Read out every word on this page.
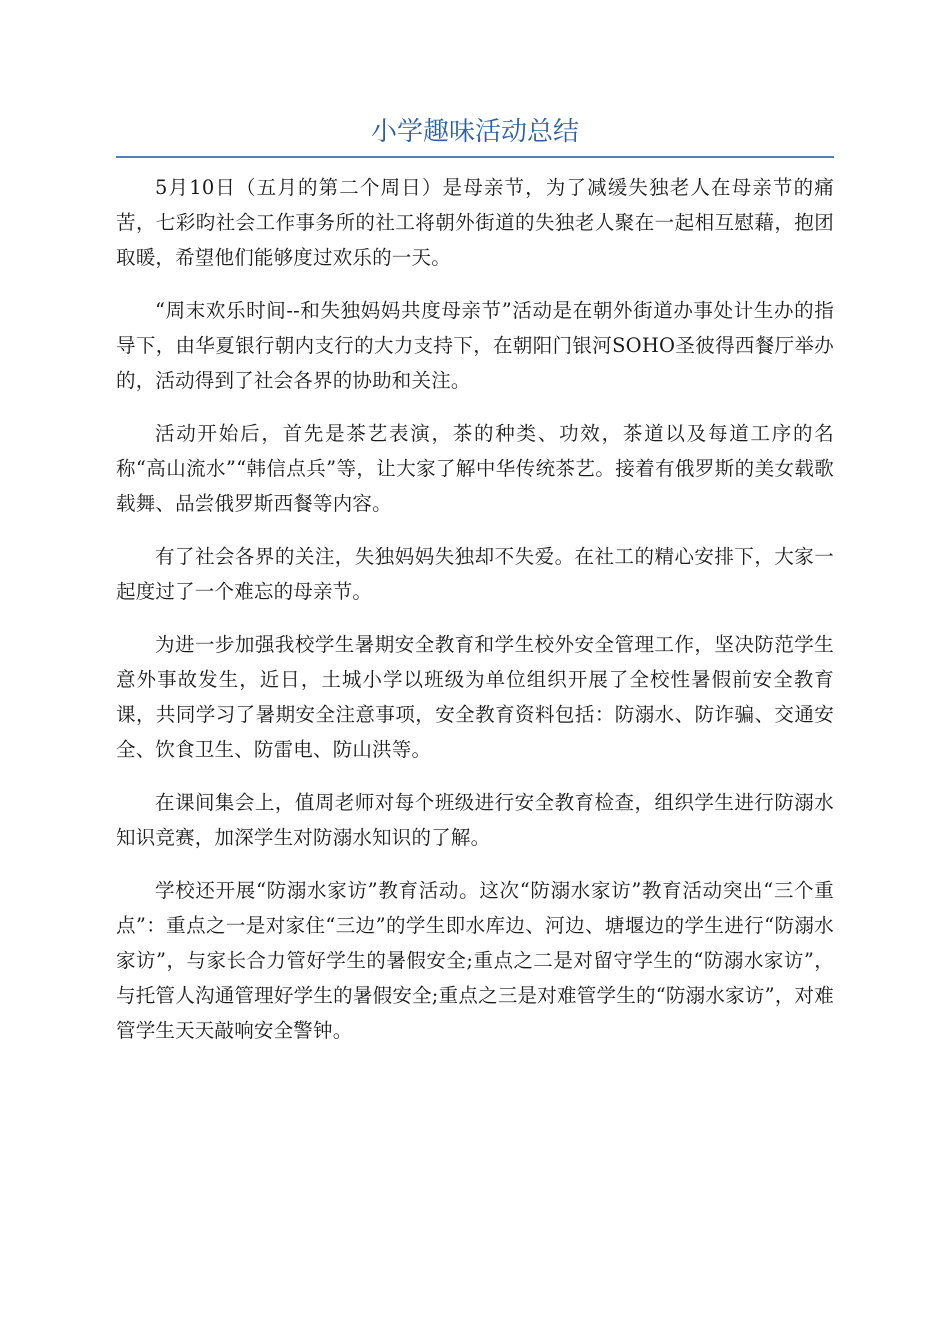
小学趣味活动总结

5月10日（五月的第二个周日）是母亲节，为了减缓失独老人在母亲节的痛苦，七彩昀社会工作事务所的社工将朝外街道的失独老人聚在一起相互慰藉，抱团取暖，希望他们能够度过欢乐的一天。

“周末欢乐时间--和失独妈妈共度母亲节”活动是在朝外街道办事处计生办的指导下，由华夏银行朝内支行的大力支持下，在朝阳门银河SOHO圣彼得西餐厅举办的，活动得到了社会各界的协助和关注。

活动开始后，首先是茶艺表演，茶的种类、功效，茶道以及每道工序的名称“高山流水”“韩信点兵”等，让大家了解中华传统茶艺。接着有俄罗斯的美女载歌载舞、品尝俄罗斯西餐等内容。

有了社会各界的关注，失独妈妈失独却不失爱。在社工的精心安排下，大家一起度过了一个难忘的母亲节。

为进一步加强我校学生暑期安全教育和学生校外安全管理工作，坚决防范学生意外事故发生，近日，土城小学以班级为单位组织开展了全校性暑假前安全教育课，共同学习了暑期安全注意事项，安全教育资料包括：防溺水、防诈骗、交通安全、饮食卫生、防雷电、防山洪等。

在课间集会上，值周老师对每个班级进行安全教育检查，组织学生进行防溺水知识竞赛，加深学生对防溺水知识的了解。

学校还开展“防溺水家访”教育活动。这次“防溺水家访”教育活动突出“三个重点”：重点之一是对家住“三边”的学生即水库边、河边、塘堰边的学生进行“防溺水家访”，与家长合力管好学生的暑假安全;重点之二是对留守学生的“防溺水家访”，与托管人沟通管理好学生的暑假安全;重点之三是对难管学生的“防溺水家访”，对难管学生天天敲响安全警钟。
